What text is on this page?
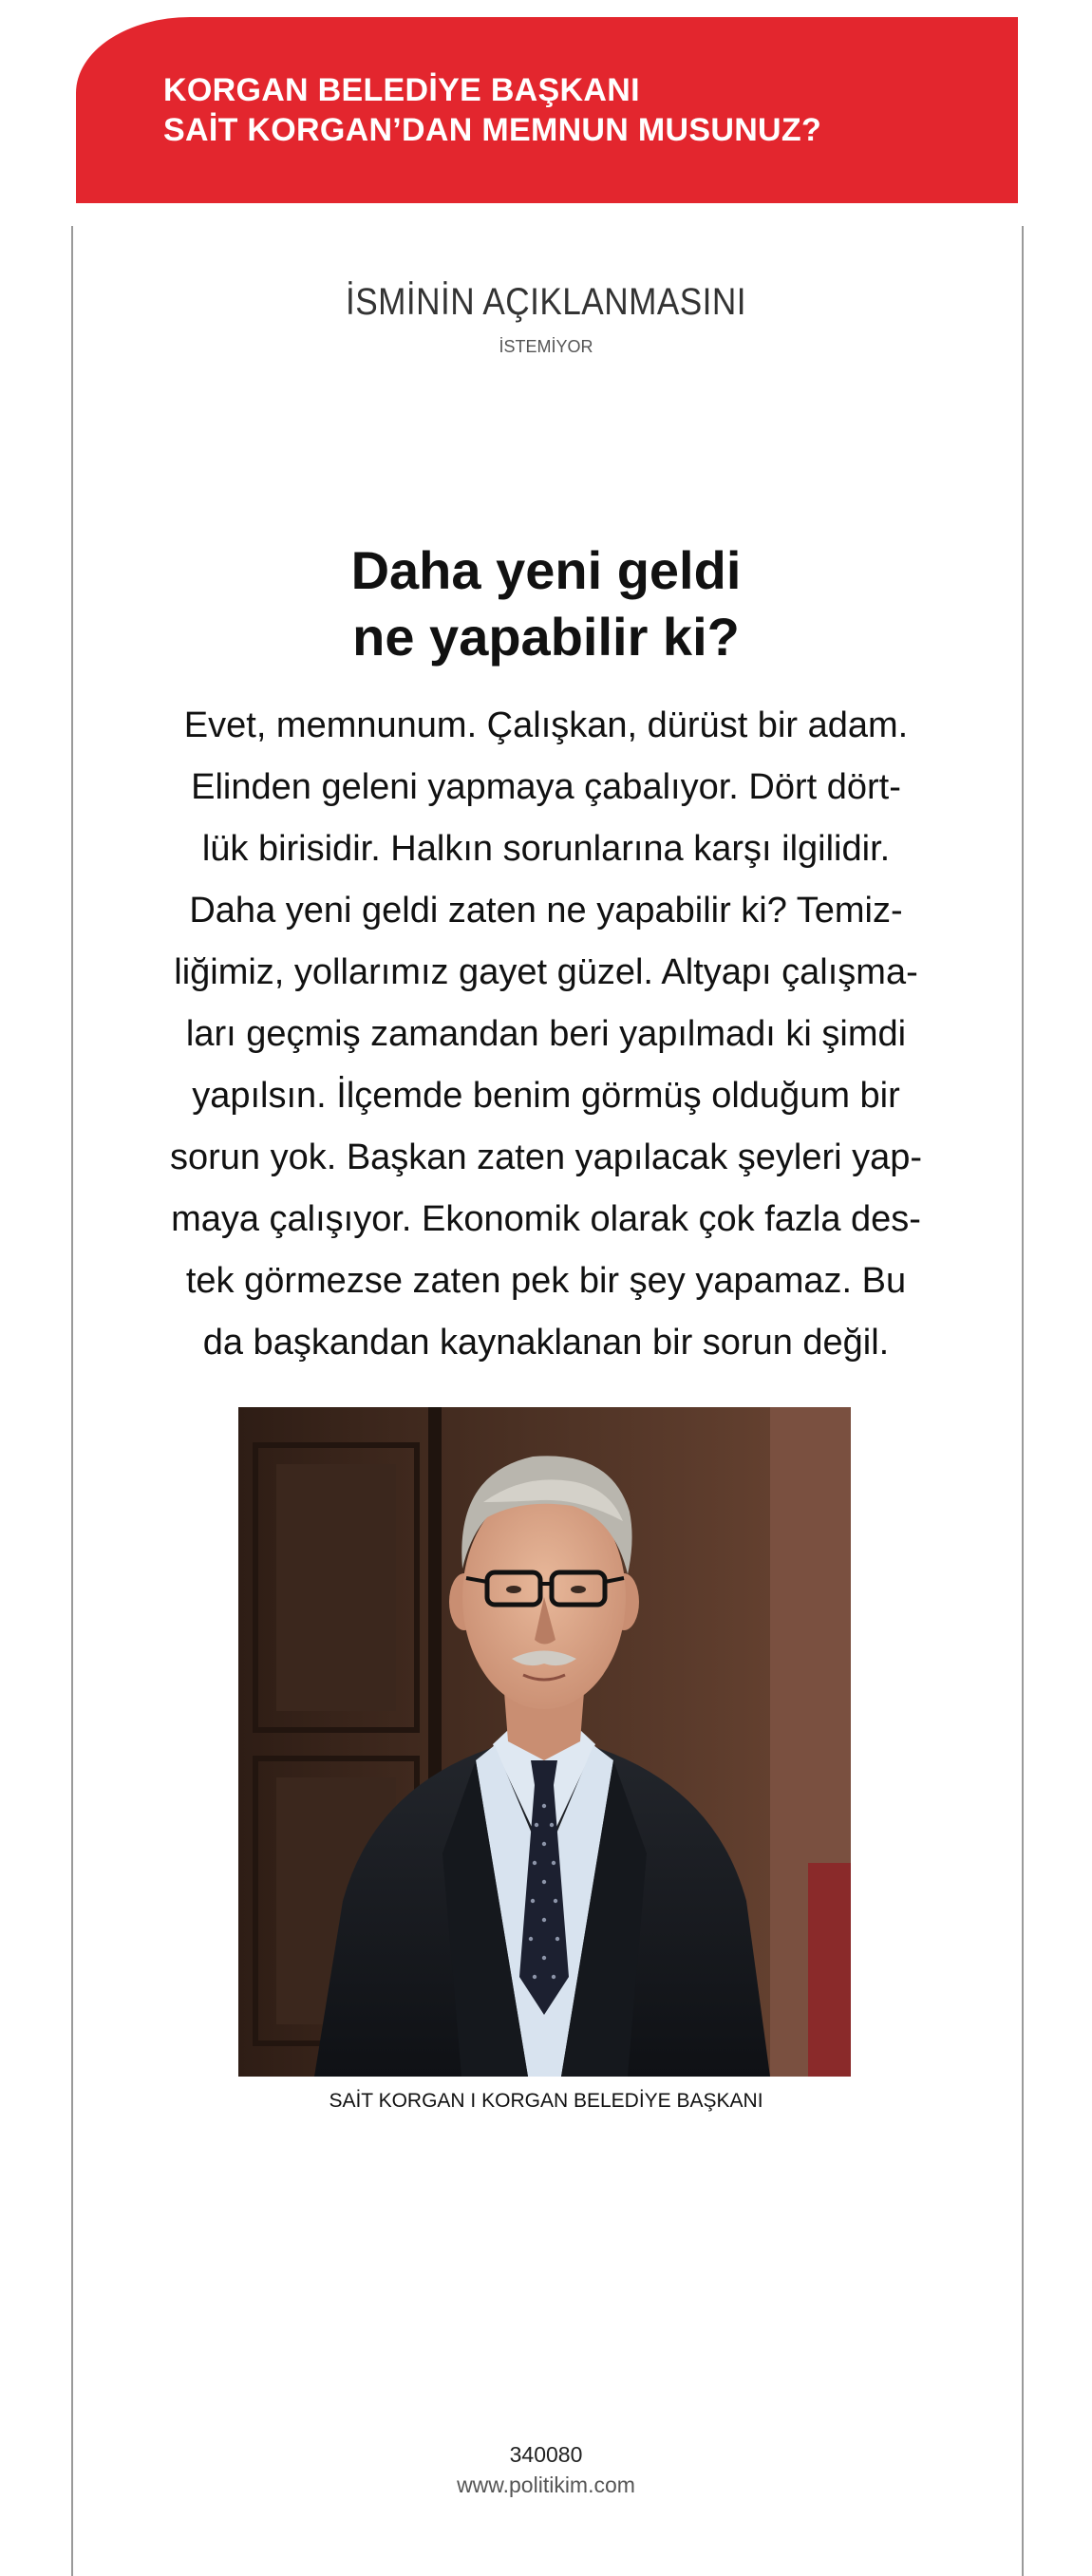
KORGAN BELEDİYE BAŞKANI
SAİT KORGAN’DAN MEMNUN MUSUNUZ?
İSMİNİN AÇIKLANMASINI
İSTEMİYOR
Daha yeni geldi
ne yapabilir ki?
Evet, memnunum. Çalışkan, dürüst bir adam.
Elinden geleni yapmaya çabalıyor. Dört dört-
lük birisidir. Halkın sorunlarına karşı ilgilidir.
Daha yeni geldi zaten ne yapabilir ki? Temiz-
liğimiz, yollarımız gayet güzel. Altyapı çalışma-
ları geçmiş zamandan beri yapılmadı ki şimdi
yapılsın. İlçemde benim görmüş olduğum bir
sorun yok. Başkan zaten yapılacak şeyleri yap-
maya çalışıyor. Ekonomik olarak çok fazla des-
tek görmezse zaten pek bir şey yapamaz. Bu
da başkandan kaynaklanan bir sorun değil.
SAİT KORGAN I KORGAN BELEDİYE BAŞKANI
340080
www.politikim.com
